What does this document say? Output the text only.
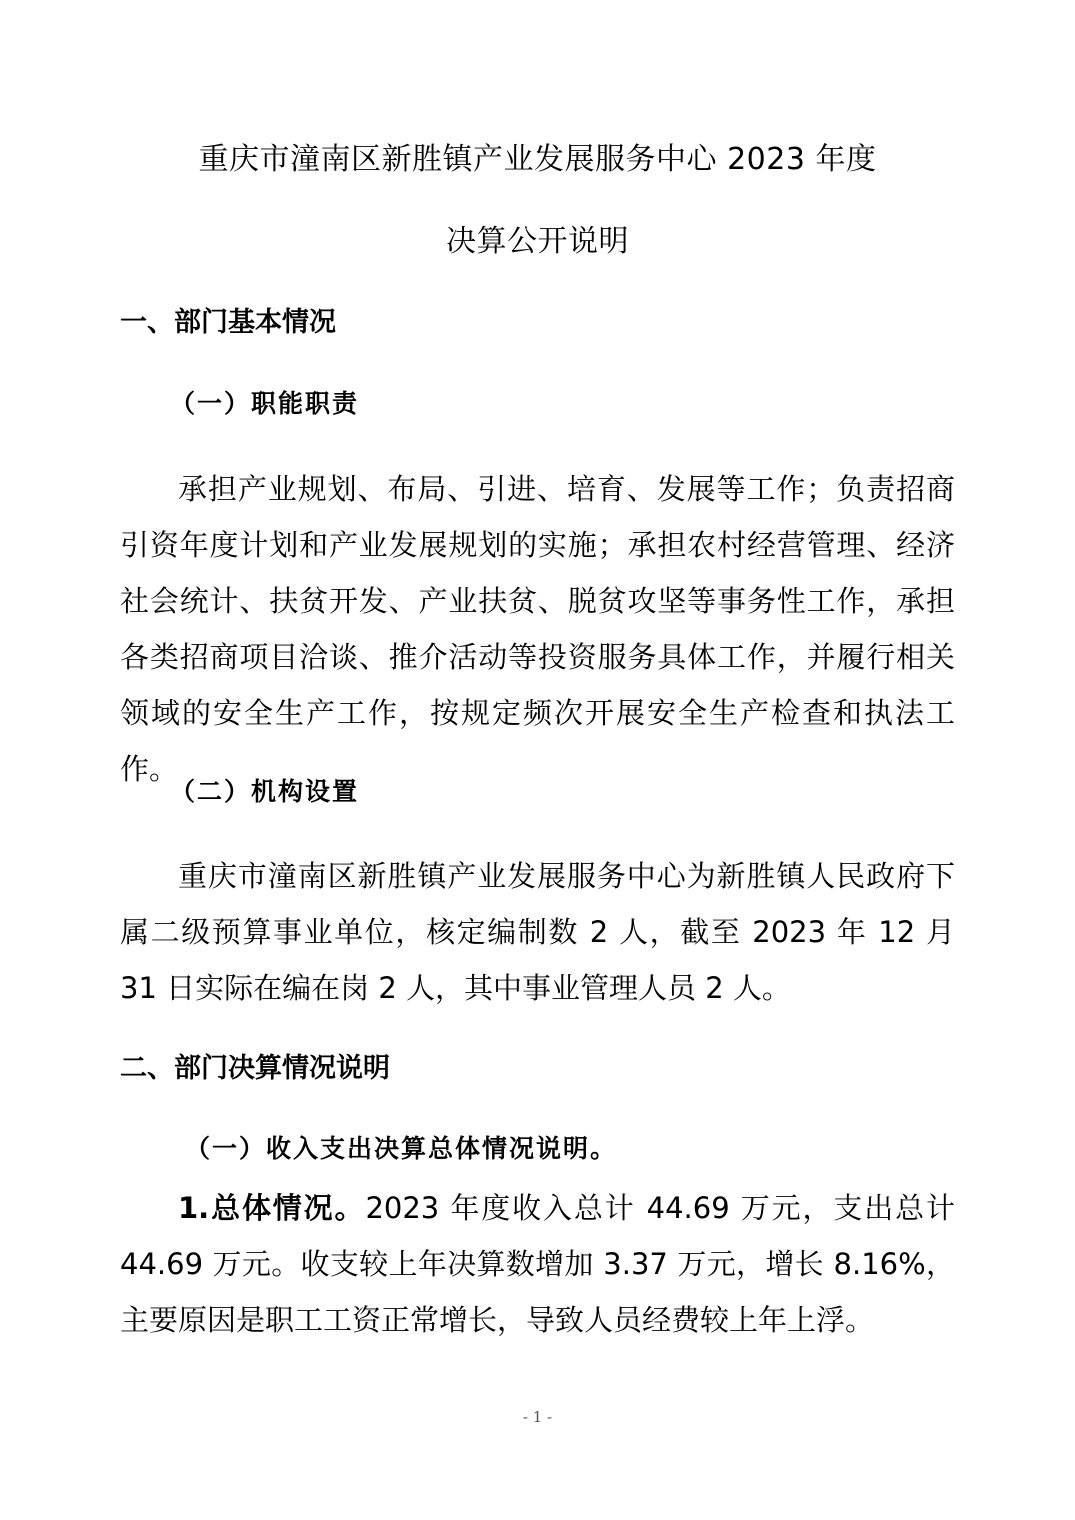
重庆市潼南区新胜镇产业发展服务中心 2023 年度
决算公开说明
一、部门基本情况
（一）职能职责

承担产业规划、布局、引进、培育、发展等工作；负责招商引资年度计划和产业发展规划的实施；承担农村经营管理、经济社会统计、扶贫开发、产业扶贫、脱贫攻坚等事务性工作，承担各类招商项目洽谈、推介活动等投资服务具体工作，并履行相关领域的安全生产工作，按规定频次开展安全生产检查和执法工作。

（二）机构设置

重庆市潼南区新胜镇产业发展服务中心为新胜镇人民政府下属二级预算事业单位，核定编制数 2 人，截至 2023 年 12 月 31 日实际在编在岗 2 人，其中事业管理人员 2 人。

二、部门决算情况说明
（一）收入支出决算总体情况说明。

1.总体情况。2023 年度收入总计 44.69 万元，支出总计 44.69 万元。收支较上年决算数增加 3.37 万元，增长 8.16%，主要原因是职工工资正常增长，导致人员经费较上年上浮。

- 1 -
